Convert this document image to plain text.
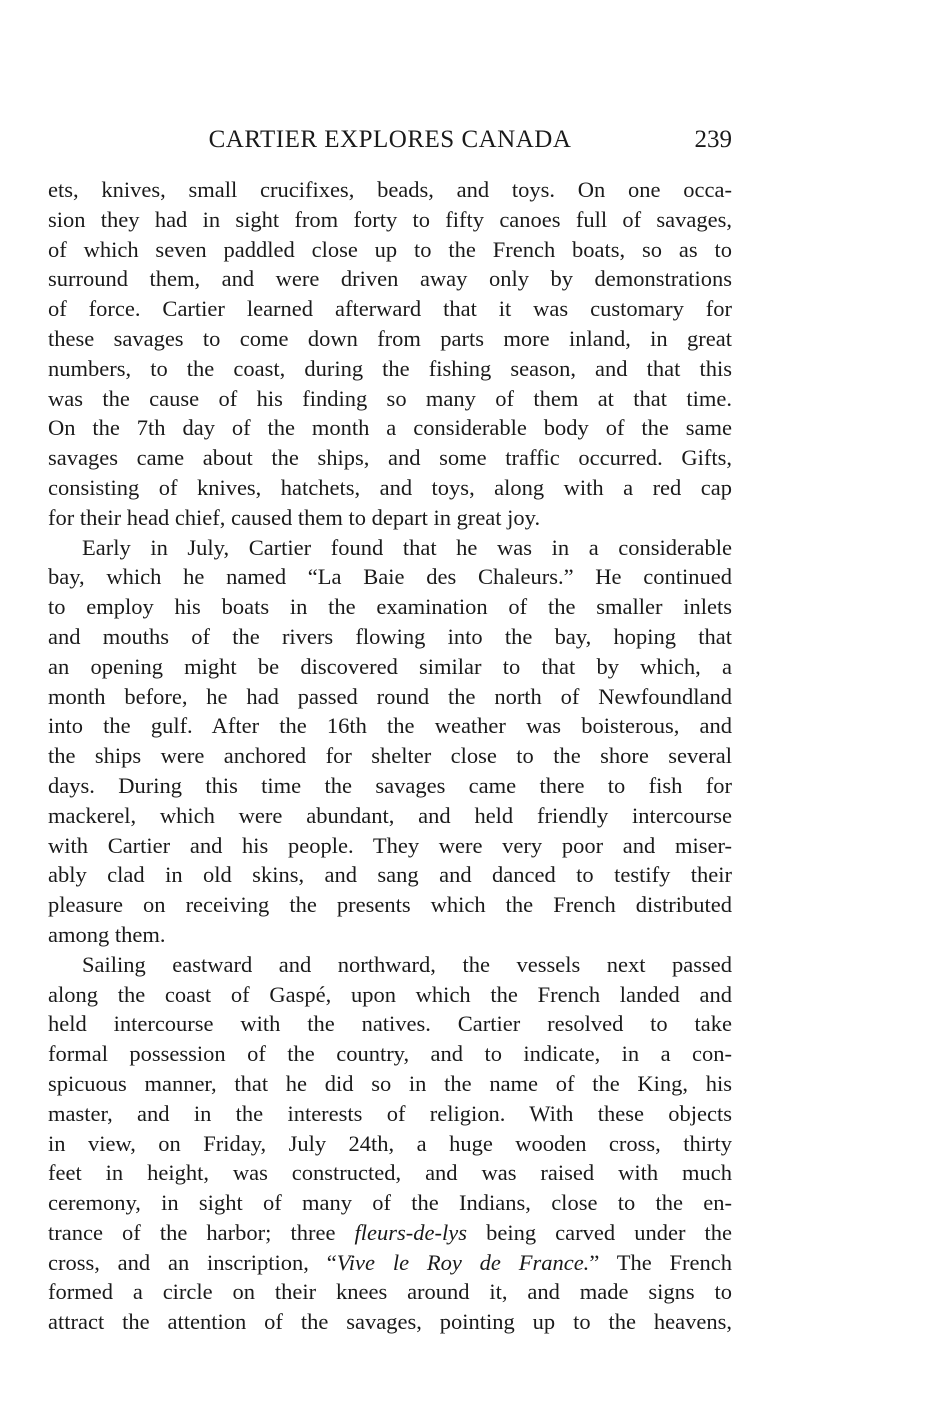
CARTIER EXPLORES CANADA	239
ets, knives, small crucifixes, beads, and toys. On one occa-
sion they had in sight from forty to fifty canoes full of savages,
of which seven paddled close up to the French boats, so as to
surround them, and were driven away only by demonstrations
of force. Cartier learned afterward that it was customary for
these savages to come down from parts more inland, in great
numbers, to the coast, during the fishing season, and that this
was the cause of his finding so many of them at that time.
On the 7th day of the month a considerable body of the same
savages came about the ships, and some traffic occurred. Gifts,
consisting of knives, hatchets, and toys, along with a red cap
for their head chief, caused them to depart in great joy.
Early in July, Cartier found that he was in a considerable
bay, which he named “La Baie des Chaleurs.” He continued
to employ his boats in the examination of the smaller inlets
and mouths of the rivers flowing into the bay, hoping that
an opening might be discovered similar to that by which, a
month before, he had passed round the north of Newfoundland
into the gulf. After the 16th the weather was boisterous, and
the ships were anchored for shelter close to the shore several
days. During this time the savages came there to fish for
mackerel, which were abundant, and held friendly intercourse
with Cartier and his people. They were very poor and miser-
ably clad in old skins, and sang and danced to testify their
pleasure on receiving the presents which the French distributed
among them.
Sailing eastward and northward, the vessels next passed
along the coast of Gaspé, upon which the French landed and
held intercourse with the natives. Cartier resolved to take
formal possession of the country, and to indicate, in a con-
spicuous manner, that he did so in the name of the King, his
master, and in the interests of religion. With these objects
in view, on Friday, July 24th, a huge wooden cross, thirty
feet in height, was constructed, and was raised with much
ceremony, in sight of many of the Indians, close to the en-
trance of the harbor; three fleurs-de-lys being carved under the
cross, and an inscription, “Vive le Roy de France.” The French
formed a circle on their knees around it, and made signs to
attract the attention of the savages, pointing up to the heavens,
